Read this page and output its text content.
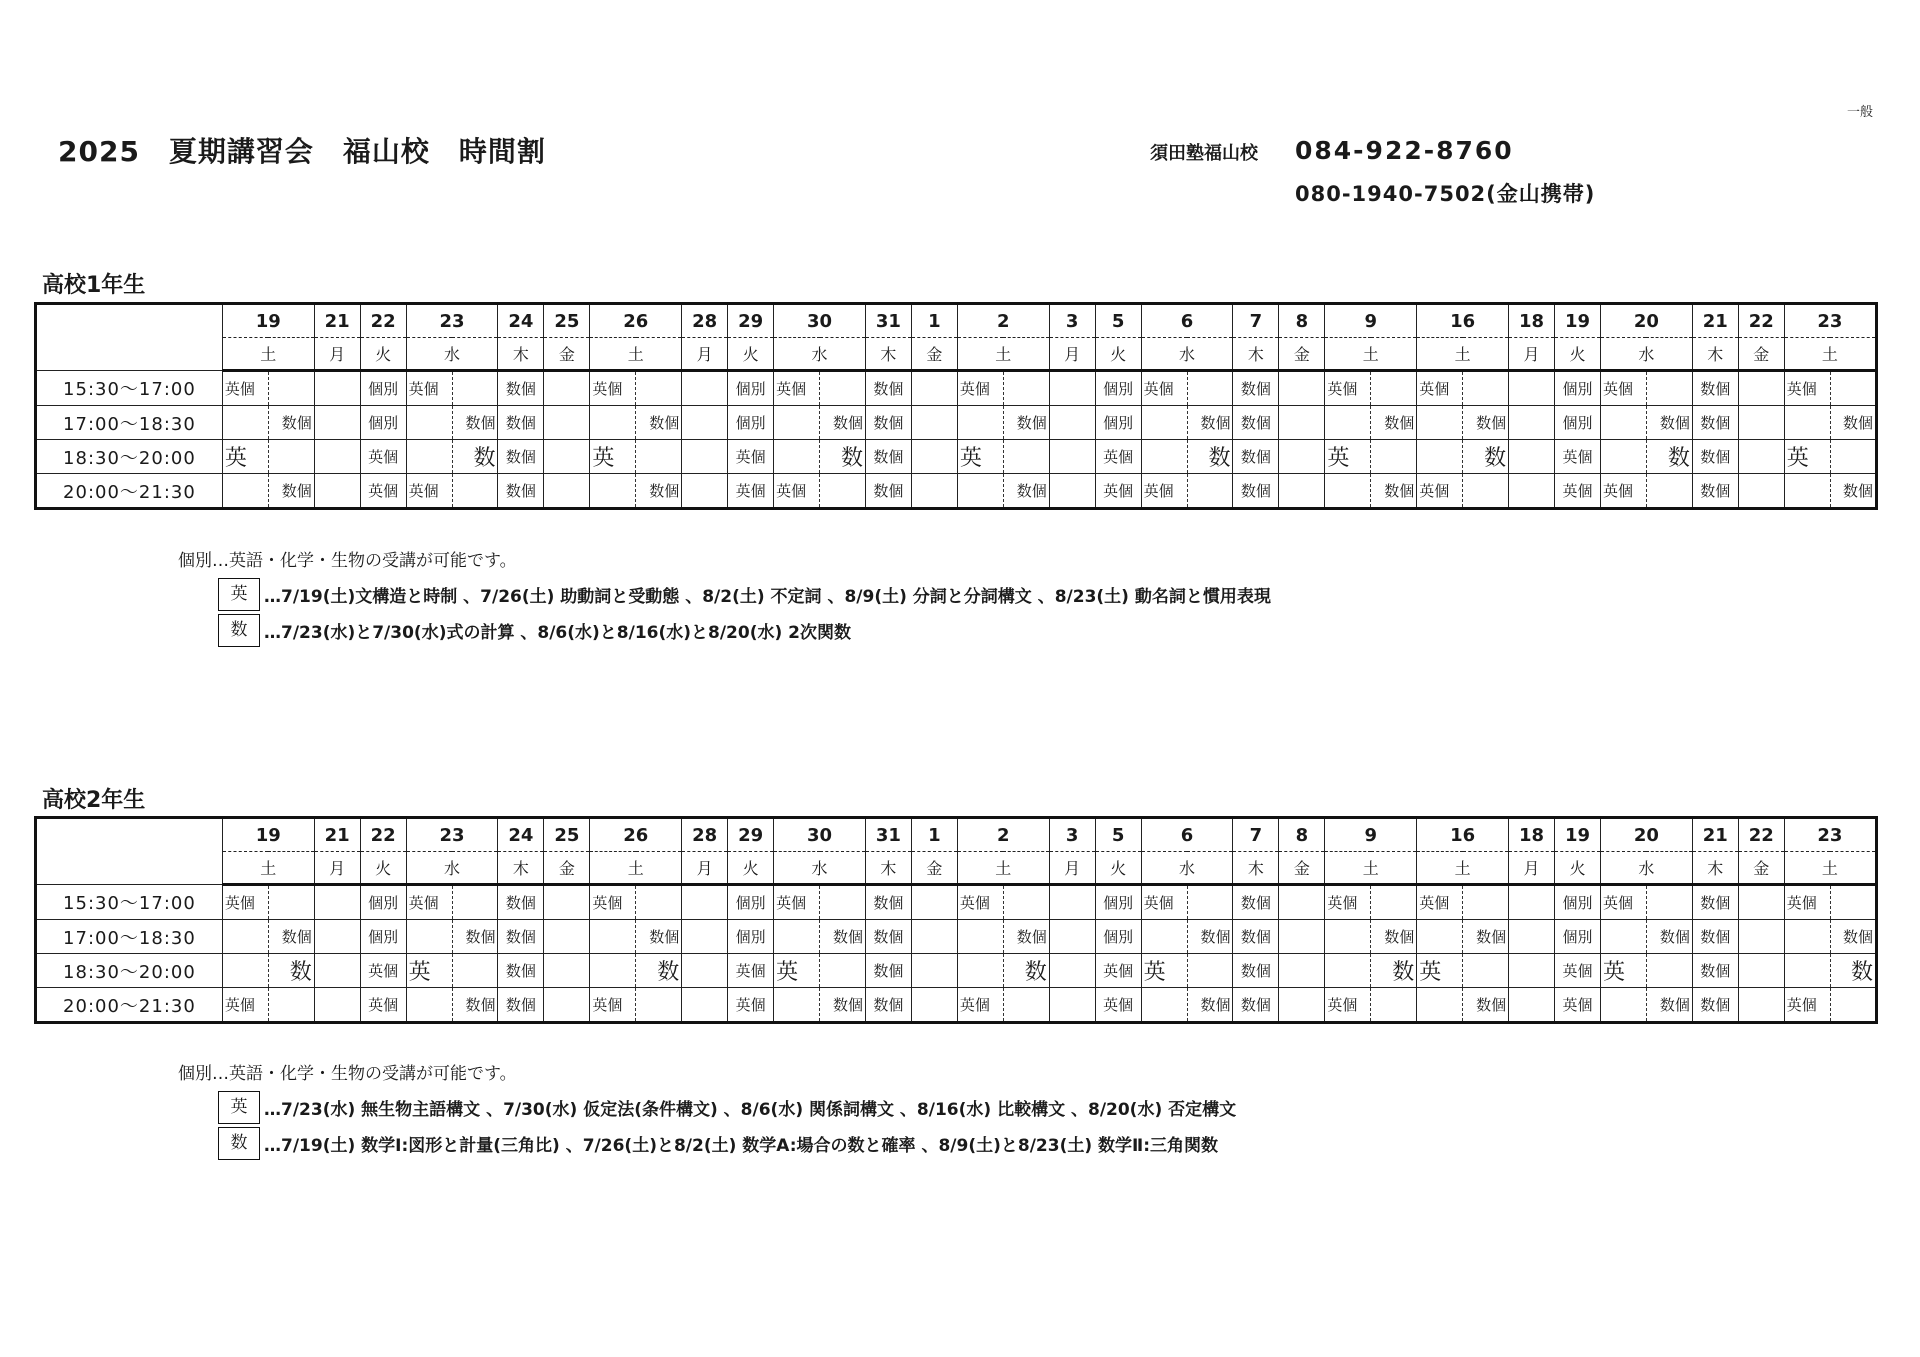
一般
2025　夏期講習会　福山校　時間割	須田塾福山校	084-922-8760
080-1940-7502(金山携帯)
高校1年生
	19		21	22	23		24	25	26		28	29	30		31	1	2		3	5	6		7	8	9		16		18	19	20		21	22	23	
	土		月	火	水		木	金	土		月	火	水		木	金	土		月	火	水		木	金	土		土		月	火	水		木	金	土	
15:30〜17:00	英個			個別	英個		数個		英個			個別	英個		数個		英個			個別	英個		数個		英個		英個			個別	英個		数個		英個	
17:00〜18:30		数個		個別		数個	数個			数個		個別		数個	数個			数個		個別		数個	数個			数個		数個		個別		数個	数個			数個
18:30〜20:00	英			英個		数	数個		英			英個		数	数個		英			英個		数	数個		英			数		英個		数	数個		英	
20:00〜21:30		数個		英個	英個		数個			数個		英個	英個		数個			数個		英個	英個		数個			数個	英個			英個	英個		数個			数個
個別…英語・化学・生物の受講が可能です。
英 …7/19(土)文構造と時制 、7/26(土) 助動詞と受動態 、8/2(土) 不定詞 、8/9(土) 分詞と分詞構文 、8/23(土) 動名詞と慣用表現
数 …7/23(水)と7/30(水)式の計算 、8/6(水)と8/16(水)と8/20(水) 2次関数
高校2年生
	19		21	22	23		24	25	26		28	29	30		31	1	2		3	5	6		7	8	9		16		18	19	20		21	22	23	
	土		月	火	水		木	金	土		月	火	水		木	金	土		月	火	水		木	金	土		土		月	火	水		木	金	土	
15:30〜17:00	英個			個別	英個		数個		英個			個別	英個		数個		英個			個別	英個		数個		英個		英個			個別	英個		数個		英個	
17:00〜18:30		数個		個別		数個	数個			数個		個別		数個	数個			数個		個別		数個	数個			数個		数個		個別		数個	数個			数個
18:30〜20:00		数		英個	英		数個			数		英個	英		数個			数		英個	英		数個			数	英			英個	英		数個			数
20:00〜21:30	英個			英個		数個	数個		英個			英個		数個	数個		英個			英個		数個	数個		英個			数個		英個		数個	数個		英個	
個別…英語・化学・生物の受講が可能です。
英 …7/23(水) 無生物主語構文 、7/30(水) 仮定法(条件構文) 、8/6(水) 関係詞構文 、8/16(水) 比較構文 、8/20(水) 否定構文
数 …7/19(土) 数学Ⅰ:図形と計量(三角比) 、7/26(土)と8/2(土) 数学A:場合の数と確率 、8/9(土)と8/23(土) 数学Ⅱ:三角関数
